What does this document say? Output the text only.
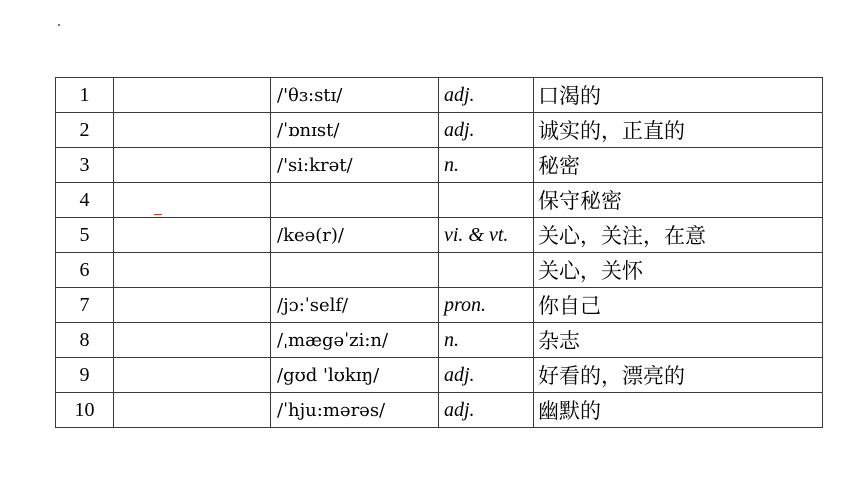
1		/'θɜ:stɪ/	adj.	口渴的
2		/ˈɒnɪst/	adj.	诚实的，正直的
3		/'si:krət/	n.	秘密
4				保守秘密
5		/keə(r)/	vi. & vt.	关心，关注，在意
6				关心，关怀
7		/jɔ:ˈself/	pron.	你自己
8		/ˌmægəˈzi:n/	n.	杂志
9		/gʊd 'lʊkɪŋ/	adj.	好看的，漂亮的
10		/ˈhju:mərəs/	adj.	幽默的
